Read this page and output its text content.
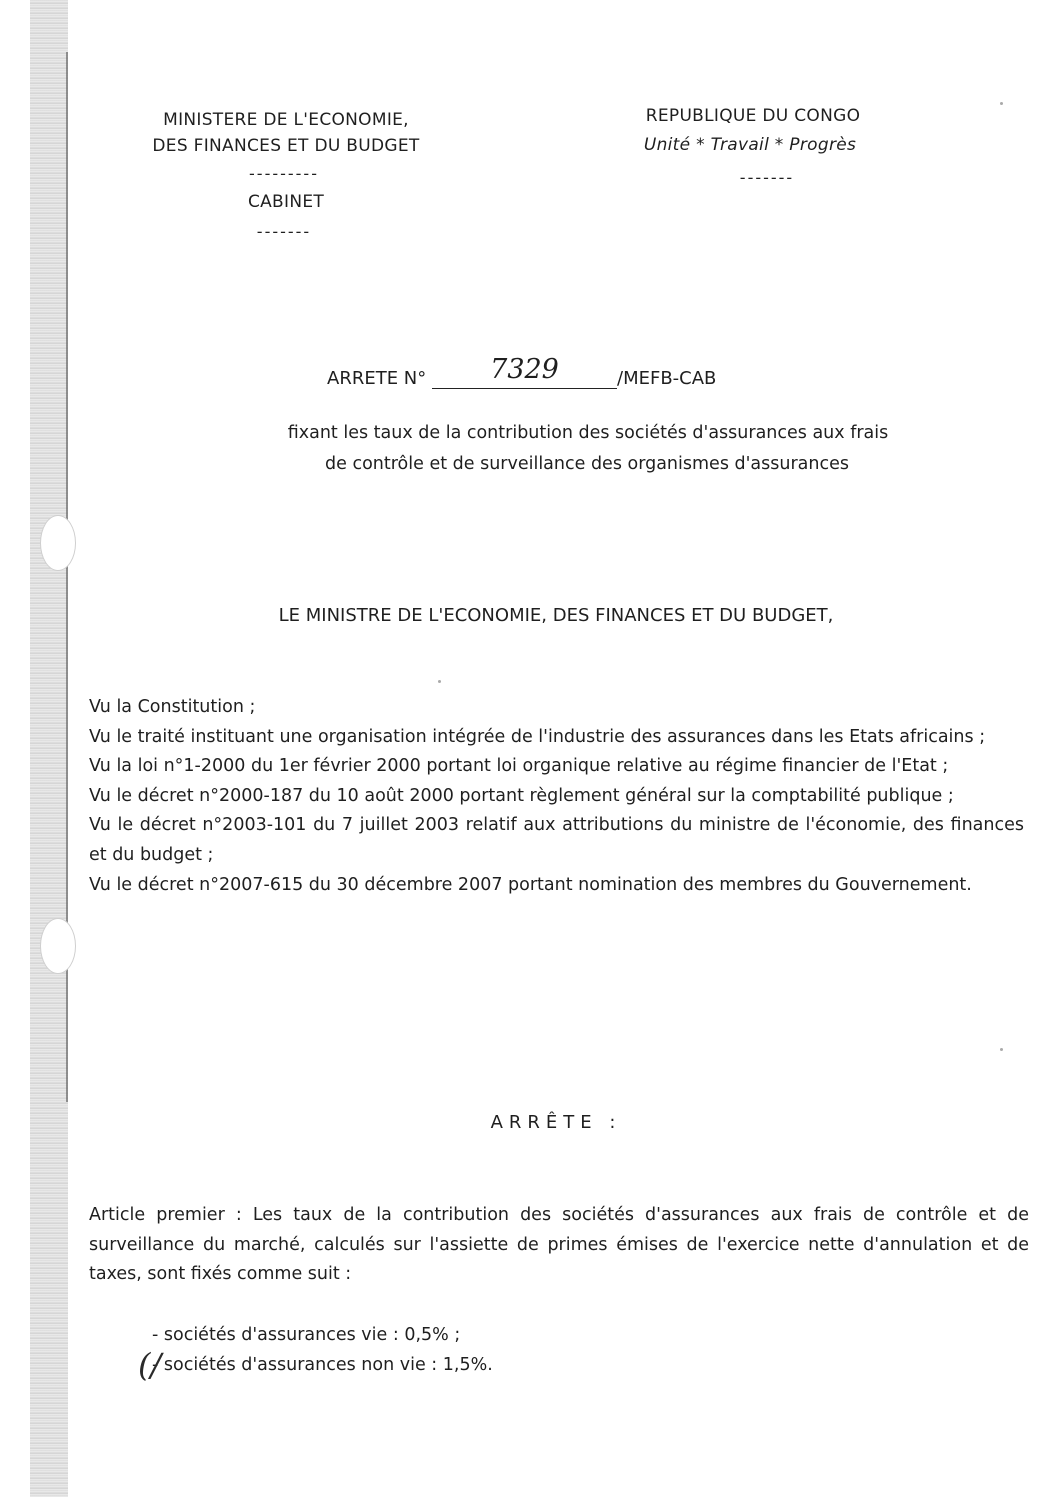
MINISTERE DE L'ECONOMIE,
DES FINANCES ET DU BUDGET
---------
CABINET
-------
REPUBLIQUE DU CONGO
Unité * Travail * Progrès
-------
ARRETE N°	7329	/MEFB-CAB
fixant les taux de la contribution des sociétés d'assurances aux frais
de contrôle et de surveillance des organismes d'assurances
LE MINISTRE DE L'ECONOMIE, DES FINANCES ET DU BUDGET,

Vu la Constitution ;

Vu le traité instituant une organisation intégrée de l'industrie des assurances dans les Etats africains ;

Vu la loi n°1-2000 du 1er février 2000 portant loi organique relative au régime financier de l'Etat ;

Vu le décret n°2000-187 du 10 août 2000 portant règlement général sur la comptabilité publique ;

Vu le décret n°2003-101 du 7 juillet 2003 relatif aux attributions du ministre de l'économie, des finances et du budget ;

Vu le décret n°2007-615 du 30 décembre 2007 portant nomination des membres du Gouvernement.

ARRÊTE :

Article premier : Les taux de la contribution des sociétés d'assurances aux frais de contrôle et de surveillance du marché, calculés sur l'assiette de primes émises de l'exercice nette d'annulation et de taxes, sont fixés comme suit :

- sociétés d'assurances vie : 0,5% ;
- sociétés d'assurances non vie : 1,5%.
(/
